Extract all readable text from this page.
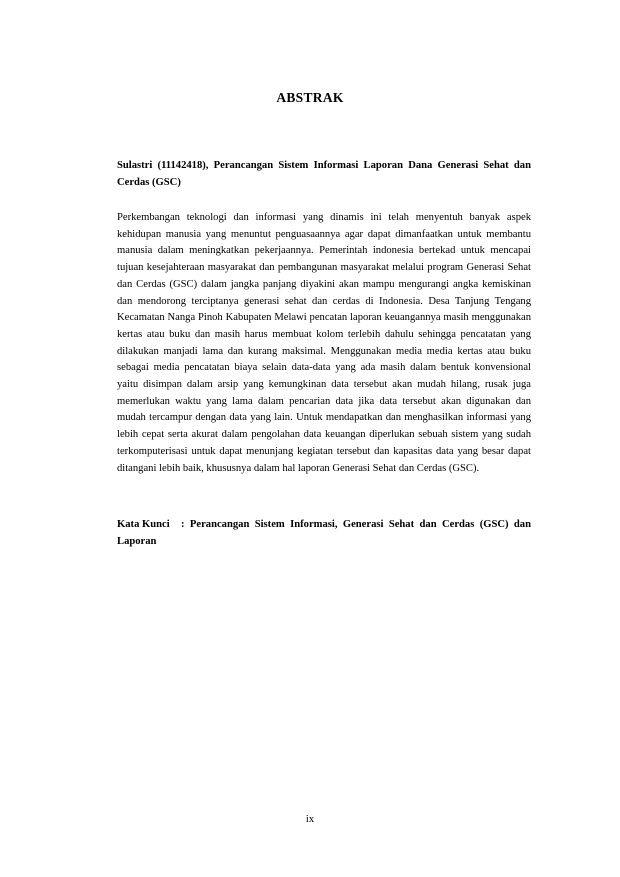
ABSTRAK
Sulastri (11142418), Perancangan Sistem Informasi Laporan Dana Generasi Sehat dan Cerdas (GSC)
Perkembangan teknologi dan informasi yang dinamis ini telah menyentuh banyak aspek kehidupan manusia yang menuntut penguasaannya agar dapat dimanfaatkan untuk membantu manusia dalam meningkatkan pekerjaannya. Pemerintah indonesia bertekad untuk mencapai tujuan kesejahteraan masyarakat dan pembangunan masyarakat melalui program Generasi Sehat dan Cerdas (GSC) dalam jangka panjang diyakini akan mampu mengurangi angka kemiskinan dan mendorong terciptanya generasi sehat dan cerdas di Indonesia. Desa Tanjung Tengang Kecamatan Nanga Pinoh Kabupaten Melawi pencatan laporan keuangannya masih menggunakan kertas atau buku dan masih harus membuat kolom terlebih dahulu sehingga pencatatan yang dilakukan manjadi lama dan kurang maksimal. Menggunakan media media kertas atau buku sebagai media pencatatan biaya selain data-data yang ada masih dalam bentuk konvensional yaitu disimpan dalam arsip yang kemungkinan data tersebut akan mudah hilang, rusak juga memerlukan waktu yang lama dalam pencarian data jika data tersebut akan digunakan dan mudah tercampur dengan data yang lain. Untuk mendapatkan dan menghasilkan informasi yang lebih cepat serta akurat dalam pengolahan data keuangan diperlukan sebuah sistem yang sudah terkomputerisasi untuk dapat menunjang kegiatan tersebut dan kapasitas data yang besar dapat ditangani lebih baik, khususnya dalam hal laporan Generasi Sehat dan Cerdas (GSC).
Kata Kunci : Perancangan Sistem Informasi, Generasi Sehat dan Cerdas (GSC) dan Laporan
ix
